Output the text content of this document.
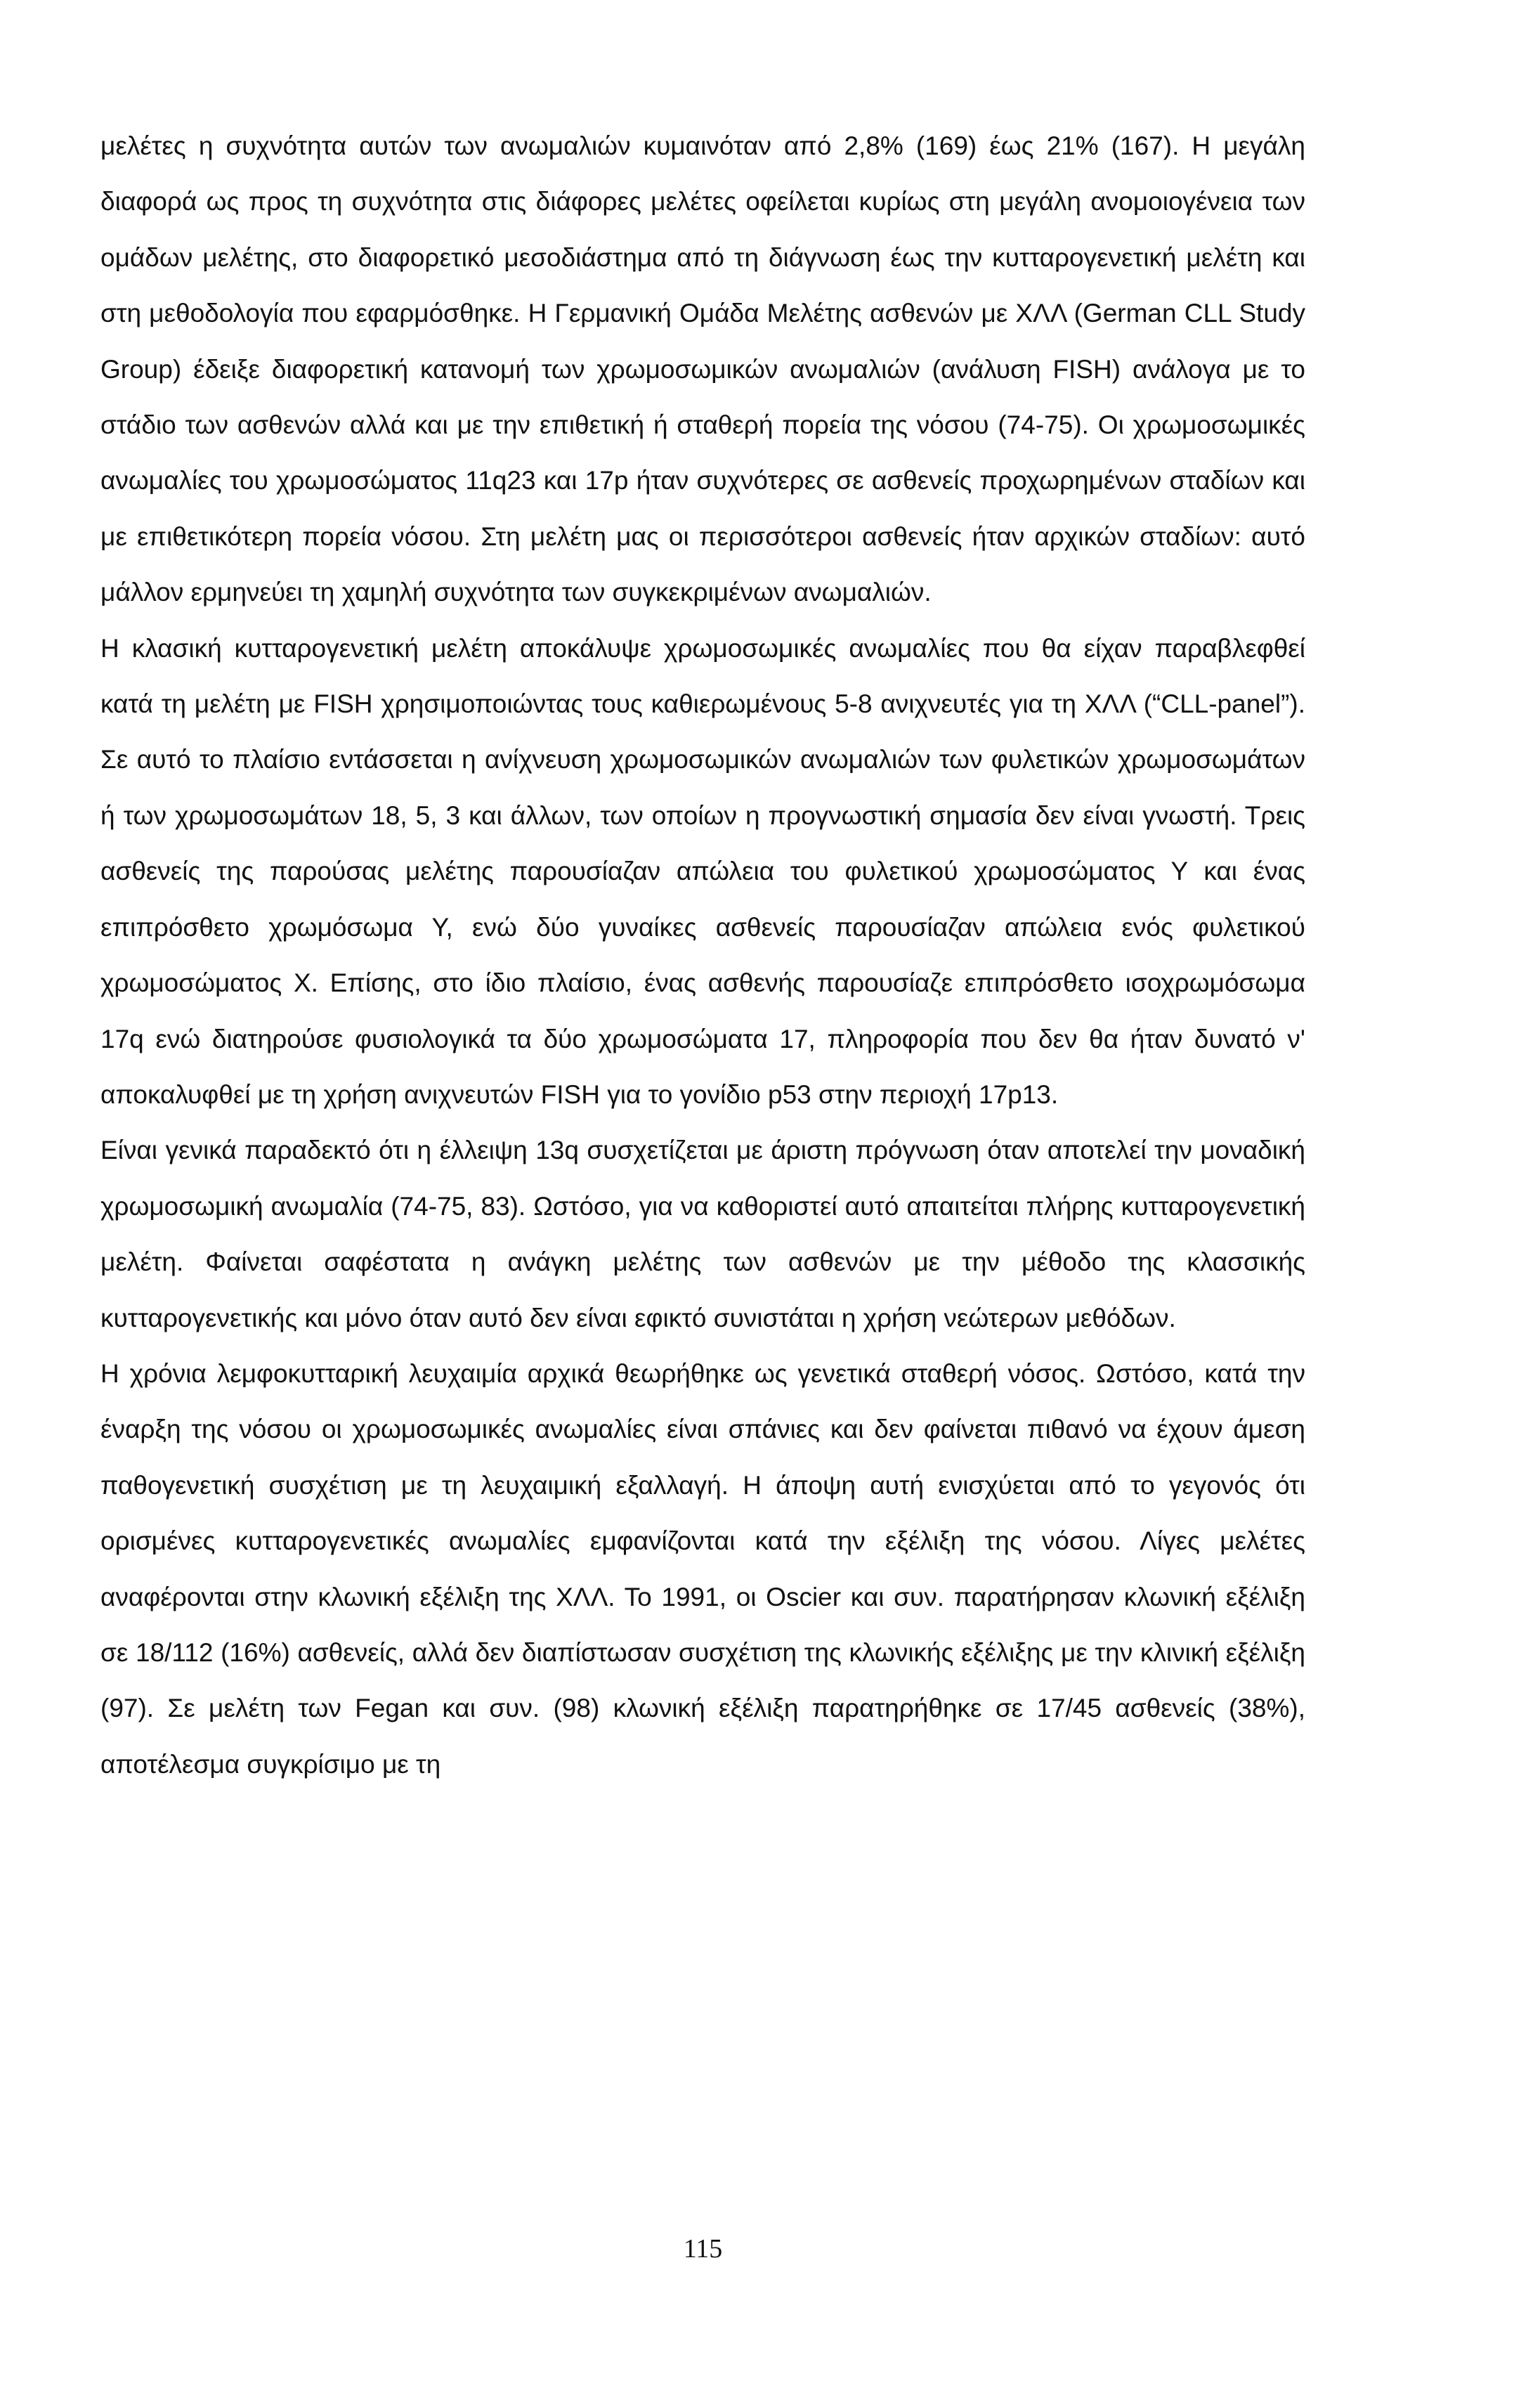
μελέτες η συχνότητα αυτών των ανωμαλιών κυμαινόταν από 2,8% (169) έως 21% (167). Η μεγάλη διαφορά ως προς τη συχνότητα στις διάφορες μελέτες οφείλεται κυρίως στη μεγάλη ανομοιογένεια των ομάδων μελέτης, στο διαφορετικό μεσοδιάστημα από τη διάγνωση έως την κυτταρογενετική μελέτη και στη μεθοδολογία που εφαρμόσθηκε. Η Γερμανική Ομάδα Μελέτης ασθενών με ΧΛΛ (German CLL Study Group) έδειξε διαφορετική κατανομή των χρωμοσωμικών ανωμαλιών (ανάλυση FISH) ανάλογα με το στάδιο των ασθενών αλλά και με την επιθετική ή σταθερή πορεία της νόσου (74-75). Οι χρωμοσωμικές ανωμαλίες του χρωμοσώματος 11q23 και 17p ήταν συχνότερες σε ασθενείς προχωρημένων σταδίων και με επιθετικότερη πορεία νόσου. Στη μελέτη μας οι περισσότεροι ασθενείς ήταν αρχικών σταδίων: αυτό μάλλον ερμηνεύει τη χαμηλή συχνότητα των συγκεκριμένων ανωμαλιών.

Η κλασική κυτταρογενετική μελέτη αποκάλυψε χρωμοσωμικές ανωμαλίες που θα είχαν παραβλεφθεί κατά τη μελέτη με FISH χρησιμοποιώντας τους καθιερωμένους 5-8 ανιχνευτές για τη ΧΛΛ (“CLL-panel”). Σε αυτό το πλαίσιο εντάσσεται η ανίχνευση χρωμοσωμικών ανωμαλιών των φυλετικών χρωμοσωμάτων ή των χρωμοσωμάτων 18, 5, 3 και άλλων, των οποίων η προγνωστική σημασία δεν είναι γνωστή. Τρεις ασθενείς της παρούσας μελέτης παρουσίαζαν απώλεια του φυλετικού χρωμοσώματος Υ και ένας επιπρόσθετο χρωμόσωμα Υ, ενώ δύο γυναίκες ασθενείς παρουσίαζαν απώλεια ενός φυλετικού χρωμοσώματος Χ. Επίσης, στο ίδιο πλαίσιο, ένας ασθενής παρουσίαζε επιπρόσθετο ισοχρωμόσωμα 17q ενώ διατηρούσε φυσιολογικά τα δύο χρωμοσώματα 17, πληροφορία που δεν θα ήταν δυνατό ν' αποκαλυφθεί με τη χρήση ανιχνευτών FISH για το γονίδιο p53 στην περιοχή 17p13.

Είναι γενικά παραδεκτό ότι η έλλειψη 13q συσχετίζεται με άριστη πρόγνωση όταν αποτελεί την μοναδική χρωμοσωμική ανωμαλία (74-75, 83). Ωστόσο, για να καθοριστεί αυτό απαιτείται πλήρης κυτταρογενετική μελέτη. Φαίνεται σαφέστατα η ανάγκη μελέτης των ασθενών με την μέθοδο της κλασσικής κυτταρογενετικής και μόνο όταν αυτό δεν είναι εφικτό συνιστάται η χρήση νεώτερων μεθόδων.

Η χρόνια λεμφοκυτταρική λευχαιμία αρχικά θεωρήθηκε ως γενετικά σταθερή νόσος. Ωστόσο, κατά την έναρξη της νόσου οι χρωμοσωμικές ανωμαλίες είναι σπάνιες και δεν φαίνεται πιθανό να έχουν άμεση παθογενετική συσχέτιση με τη λευχαιμική εξαλλαγή. Η άποψη αυτή ενισχύεται από το γεγονός ότι ορισμένες κυτταρογενετικές ανωμαλίες εμφανίζονται κατά την εξέλιξη της νόσου. Λίγες μελέτες αναφέρονται στην κλωνική εξέλιξη της ΧΛΛ. Το 1991, οι Oscier και συν. παρατήρησαν κλωνική εξέλιξη σε 18/112 (16%) ασθενείς, αλλά δεν διαπίστωσαν συσχέτιση της κλωνικής εξέλιξης με την κλινική εξέλιξη (97). Σε μελέτη των Fegan και συν. (98) κλωνική εξέλιξη παρατηρήθηκε σε 17/45 ασθενείς (38%), αποτέλεσμα συγκρίσιμο με τη

115
